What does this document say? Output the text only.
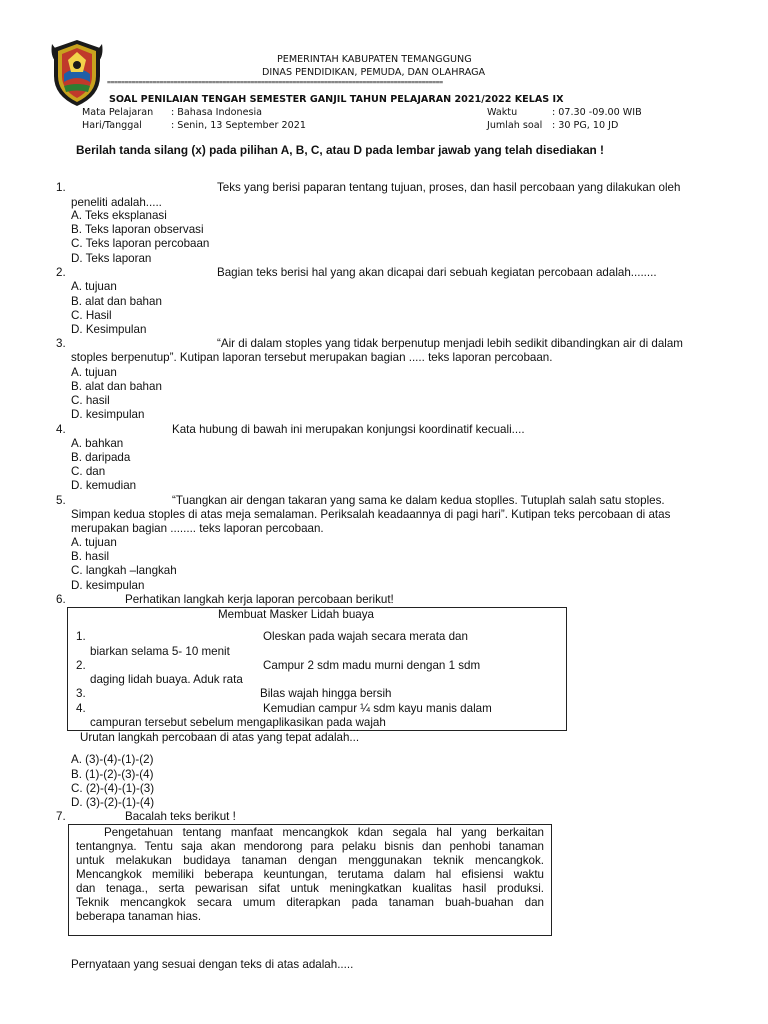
PEMERINTAH KABUPATEN TEMANGGUNG
DINAS PENDIDIKAN, PEMUDA, DAN OLAHRAGA
================================================================================================
SOAL PENILAIAN TENGAH SEMESTER GANJIL TAHUN PELAJARAN 2021/2022 KELAS IX
Mata Pelajaran : Bahasa Indonesia	Waktu	: 07.30 -09.00 WIB
Hari/Tanggal	: Senin, 13 September 2021	Jumlah soal : 30 PG, 10 JD
Berilah tanda silang (x) pada pilihan A, B, C, atau D pada lembar jawab yang telah disediakan !
1.	Teks yang berisi paparan tentang tujuan, proses, dan hasil percobaan yang dilakukan oleh
peneliti adalah.....
A. Teks eksplanasi
B. Teks laporan observasi
C. Teks laporan percobaan
D. Teks laporan
2.	Bagian teks berisi hal yang akan dicapai dari sebuah kegiatan percobaan adalah........
A. tujuan
B. alat dan bahan
C. Hasil
D. Kesimpulan
3.	“Air di dalam stoples yang tidak berpenutup menjadi lebih sedikit dibandingkan air di dalam
stoples berpenutup”. Kutipan laporan tersebut merupakan bagian ..... teks laporan percobaan.
A. tujuan
B. alat dan bahan
C. hasil
D. kesimpulan
4.	Kata hubung di bawah ini merupakan konjungsi koordinatif kecuali....
A. bahkan
B. daripada
C. dan
D. kemudian
5.	“Tuangkan air dengan takaran yang sama ke dalam kedua stoplles. Tutuplah salah satu stoples.
Simpan kedua stoples di atas meja semalaman. Periksalah keadaannya di pagi hari”. Kutipan teks percobaan di atas
merupakan bagian ........ teks laporan percobaan.
A. tujuan
B. hasil
C. langkah –langkah
D. kesimpulan
6.	Perhatikan langkah kerja laporan percobaan berikut!
Membuat Masker Lidah buaya
1.	Oleskan pada wajah secara merata dan
biarkan selama 5- 10 menit
2.	Campur 2 sdm madu murni dengan 1 sdm
daging lidah buaya. Aduk rata
3.	Bilas wajah hingga bersih
4.	Kemudian campur ¼ sdm kayu manis dalam
campuran tersebut sebelum mengaplikasikan pada wajah
Urutan langkah percobaan di atas yang tepat adalah...
A. (3)-(4)-(1)-(2)
B. (1)-(2)-(3)-(4)
C. (2)-(4)-(1)-(3)
D. (3)-(2)-(1)-(4)
7.	Bacalah teks berikut !
Pengetahuan tentang manfaat mencangkok kdan segala hal yang berkaitan
tentangnya. Tentu saja akan mendorong para pelaku bisnis dan penhobi tanaman
untuk melakukan budidaya tanaman dengan menggunakan teknik mencangkok.
Mencangkok memiliki beberapa keuntungan, terutama dalam hal efisiensi waktu
dan tenaga., serta pewarisan sifat untuk meningkatkan kualitas hasil produksi.
Teknik mencangkok secara umum diterapkan pada tanaman buah-buahan dan
beberapa tanaman hias.
Pernyataan yang sesuai dengan teks di atas adalah.....
